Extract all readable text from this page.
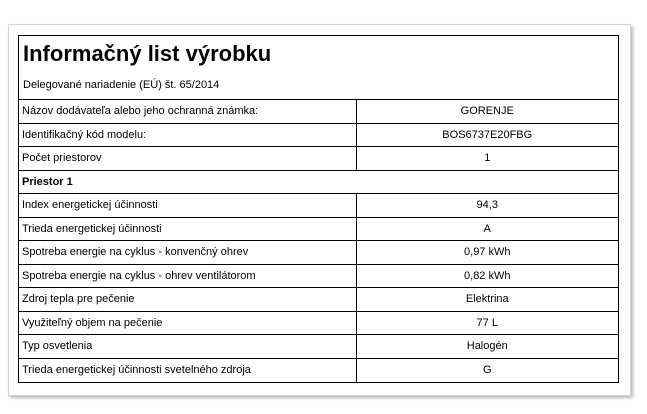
Informačný list výrobku
Delegované nariadenie (EÚ) št. 65/2014
Názov dodávateľa alebo jeho ochranná známka:	GORENJE
Identifikačný kód modelu:	BOS6737E20FBG
Počet priestorov	1
Priestor 1	
Index energetickej účinnosti	94,3
Trieda energetickej účinnosti	A
Spotreba energie na cyklus - konvenčný ohrev	0,97 kWh
Spotreba energie na cyklus - ohrev ventilátorom	0,82 kWh
Zdroj tepla pre pečenie	Elektrina
Využiteľný objem na pečenie	77 L
Typ osvetlenia	Halogén
Trieda energetickej účinnosti svetelného zdroja	G
